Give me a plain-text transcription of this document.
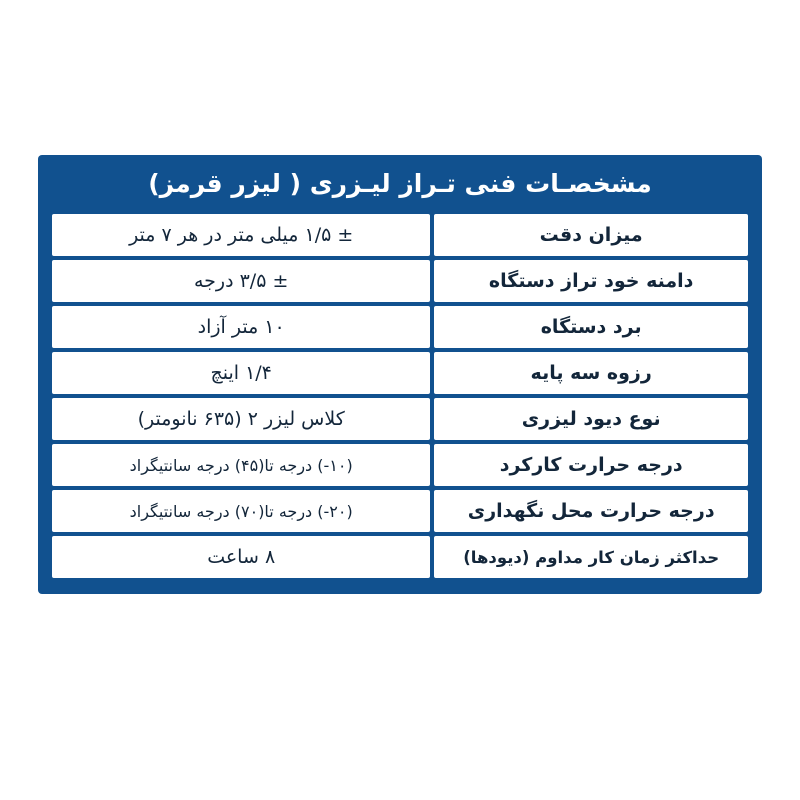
مشخصـات فنی تـراز لیـزری ( لیزر قرمز)
میزان دقت	± ۱/۵ میلی متر در هر ۷ متر
دامنه خود تراز دستگاه	± ۳/۵ درجه
برد دستگاه	۱۰ متر آزاد
رزوه سه پایه	۱/۴ اینچ
نوع دیود لیزری	کلاس لیزر ۲ (۶۳۵ نانومتر)
درجه حرارت کارکرد	(۱۰-) درجه تا(۴۵) درجه سانتیگراد
درجه حرارت محل نگهداری	(۲۰-) درجه تا(۷۰) درجه سانتیگراد
حداکثر زمان کار مداوم (دیودها)	۸ ساعت
